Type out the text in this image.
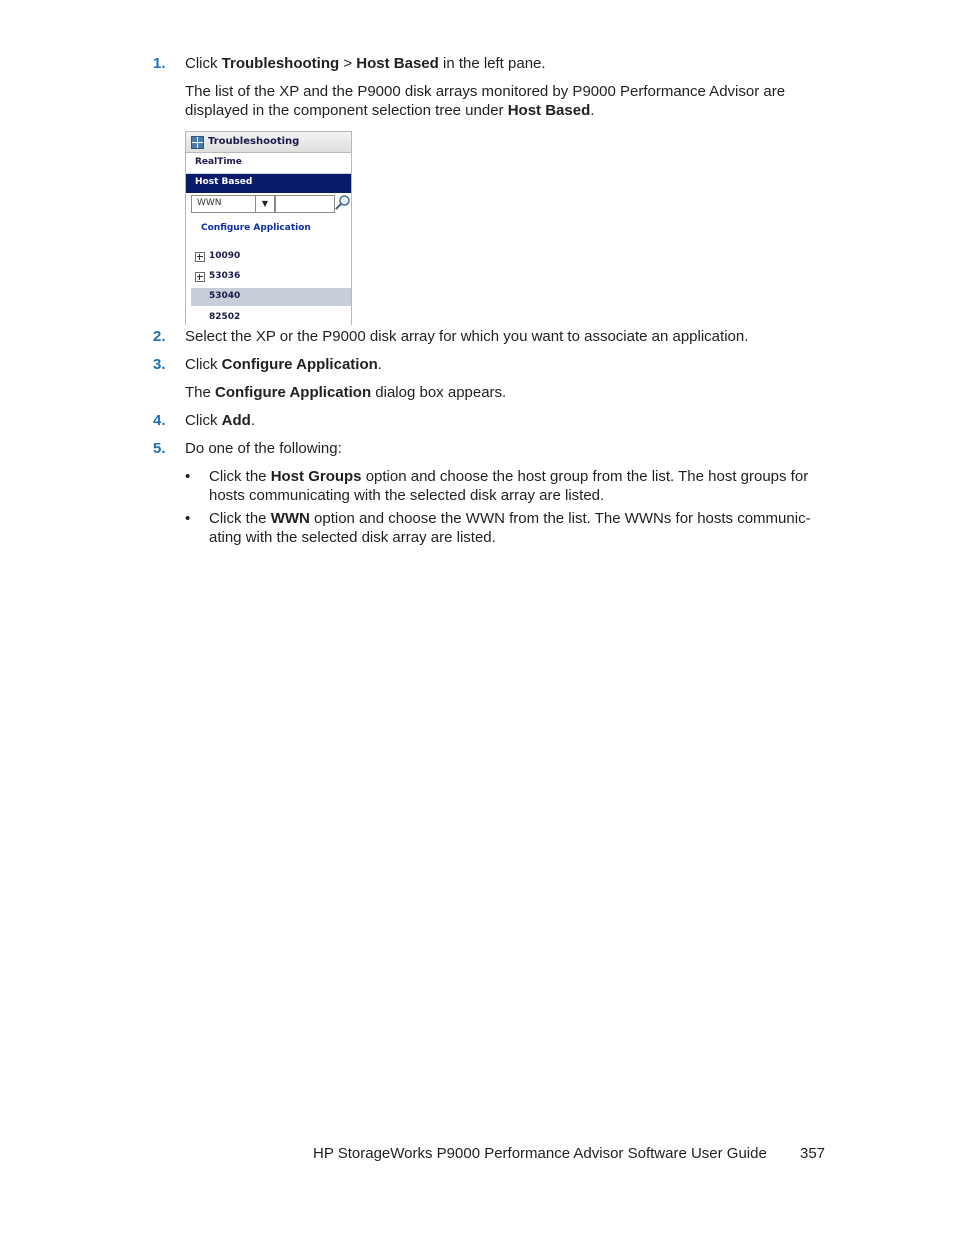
1. Click Troubleshooting > Host Based in the left pane.
The list of the XP and the P9000 disk arrays monitored by P9000 Performance Advisor are
displayed in the component selection tree under Host Based.
Troubleshooting
RealTime
Host Based
WWN	▼
Configure Application
10090
53036
53040
82502
2. Select the XP or the P9000 disk array for which you want to associate an application.
3. Click Configure Application.
The Configure Application dialog box appears.
4. Click Add.
5. Do one of the following:
• Click the Host Groups option and choose the host group from the list. The host groups for hosts communicating with the selected disk array are listed.
• Click the WWN option and choose the WWN from the list. The WWNs for hosts communic-ating with the selected disk array are listed.
HP StorageWorks P9000 Performance Advisor Software User Guide 357
